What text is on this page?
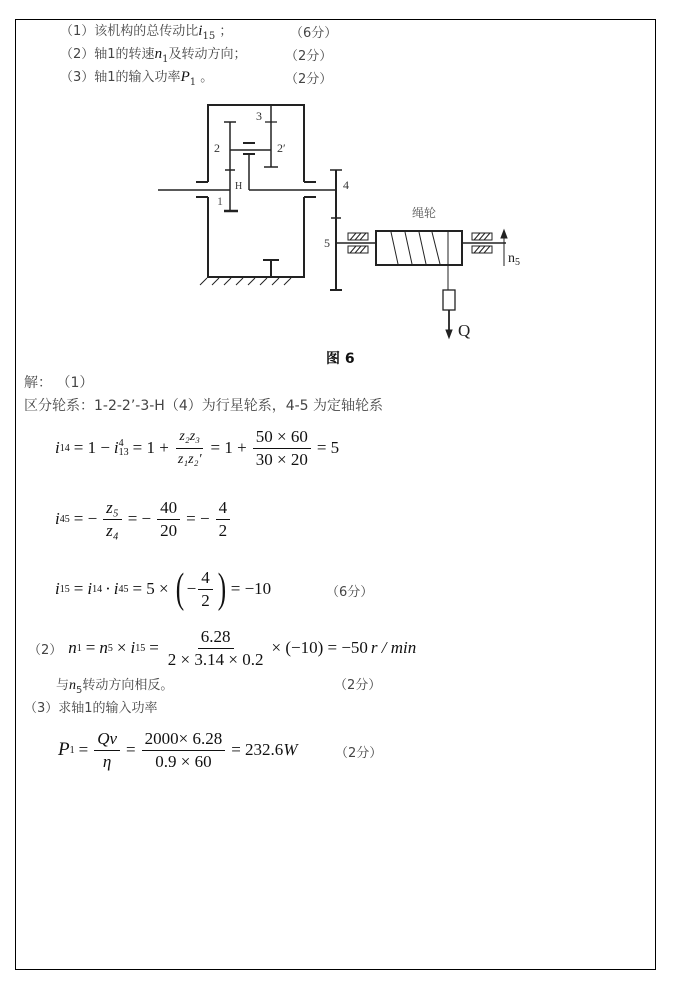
（1）该机构的总传动比$i_{15}$ ；	（6分）
（2）轴1的转速$n_1$及转动方向；	（2分）
（3）轴1的输入功率$P_1$ 。	（2分）
1
2	2′
3
H	4
5
绳轮
$n_5$
Q
图 6
解： （1）
区分轮系：1-2-2’-3-H（4）为行星轮系，4-5 为定轴轮系
i 14 = 1 − i 4
$13 = 1 + \frac{\text{z₂z₃}}{\text{z₁z₂′}} = 1 + \frac{50 \times 60}{30 \times 20} = 5$
i 45 = − $\frac{\text{z₅}}{\text{z₄}}$ = − $\frac{40}{20}$ = − $\frac{4}{2}$
i 15 = i 14 · i 45 = 5 × ( − $\frac{4}{2}$ ) = −10	（6分）
（2） n 1 = n 5 × i $15 = \frac{6.28}{2 \times 3.14 \times 0.2} \times (-10) = -50$ r / min
与$n_5$转动方向相反。	（2分）
（3）求轴1的输入功率
P $1 = \frac{Qv}{\eta} = \frac{2000\times 6.28}{0.9 \times 60} = 232.6$ W	（2分）
